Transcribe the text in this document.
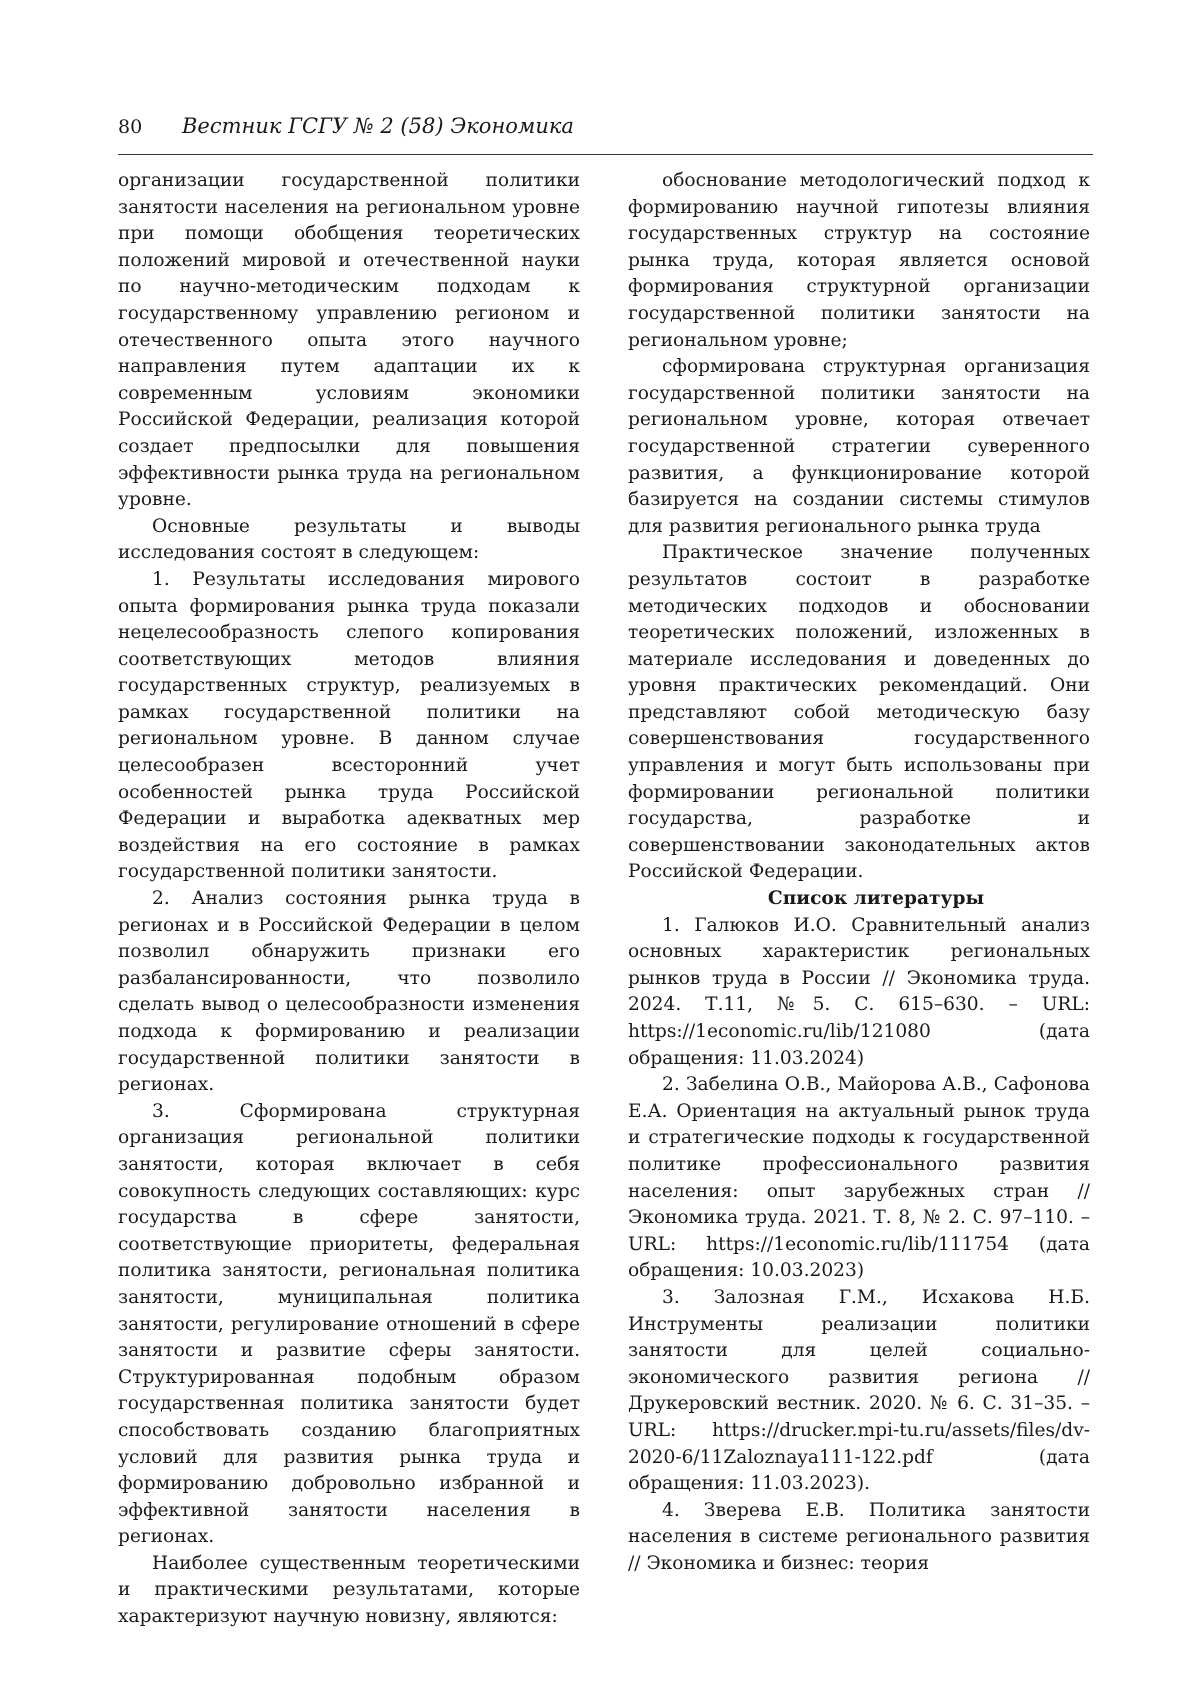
80 Вестник ГСГУ № 2 (58) Экономика

организации государственной политики занятости населения на региональном уровне при помощи обобщения теоретических положений мировой и отечественной науки по научно-методическим подходам к государственному управлению регионом и отечественного опыта этого научного направления путем адаптации их к современным условиям экономики Российской Федерации, реализация которой создает предпосылки для повышения эффективности рынка труда на региональном уровне.

Основные результаты и выводы исследования состоят в следующем:

1. Результаты исследования мирового опыта формирования рынка труда показали нецелесообразность слепого копирования соответствующих методов влияния государственных структур, реализуемых в рамках государственной политики на региональном уровне. В данном случае целесообразен всесторонний учет особенностей рынка труда Российской Федерации и выработка адекватных мер воздействия на его состояние в рамках государственной политики занятости.

2. Анализ состояния рынка труда в регионах и в Российской Федерации в целом позволил обнаружить признаки его разбалансированности, что позволило сделать вывод о целесообразности изменения подхода к формированию и реализации государственной политики занятости в регионах.

3. Сформирована структурная организация региональной политики занятости, которая включает в себя совокупность следующих составляющих: курс государства в сфере занятости, соответствующие приоритеты, федеральная политика занятости, региональная политика занятости, муниципальная политика занятости, регулирование отношений в сфере занятости и развитие сферы занятости. Структурированная подобным образом государственная политика занятости будет способствовать созданию благоприятных условий для развития рынка труда и формированию добровольно избранной и эффективной занятости населения в регионах.

Наиболее существенным теоретическими и практическими результатами, которые характеризуют научную новизну, являются:

обоснование методологический подход к формированию научной гипотезы влияния государственных структур на состояние рынка труда, которая является основой формирования структурной организации государственной политики занятости на региональном уровне;

сформирована структурная организация государственной политики занятости на региональном уровне, которая отвечает государственной стратегии суверенного развития, а функционирование которой базируется на создании системы стимулов для развития регионального рынка труда

Практическое значение полученных результатов состоит в разработке методических подходов и обосновании теоретических положений, изложенных в материале исследования и доведенных до уровня практических рекомендаций. Они представляют собой методическую базу совершенствования государственного управления и могут быть использованы при формировании региональной политики государства, разработке и совершенствовании законодательных актов Российской Федерации.

Список литературы

1. Галюков И.О. Сравнительный анализ основных характеристик региональных рынков труда в России // Экономика труда. 2024. Т.11, №5. С. 615–630. – URL: https://1economic.ru/lib/121080 (дата обращения: 11.03.2024)

2. Забелина О.В., Майорова А.В., Сафонова Е.А. Ориентация на актуальный рынок труда и стратегические подходы к государственной политике профессионального развития населения: опыт зарубежных стран // Экономика труда. 2021. Т. 8, № 2. С. 97–110. – URL: https://1economic.ru/lib/111754 (дата обращения: 10.03.2023)

3. Залозная Г.М., Исхакова Н.Б. Инструменты реализации политики занятости для целей социально-экономического развития региона // Друкеровский вестник. 2020. № 6. С. 31–35. – URL: https://drucker.mpi-tu.ru/assets/files/dv-2020-6/11Zaloznaya111-122.pdf (дата обращения: 11.03.2023).

4. Зверева Е.В. Политика занятости населения в системе регионального развития // Экономика и бизнес: теория
